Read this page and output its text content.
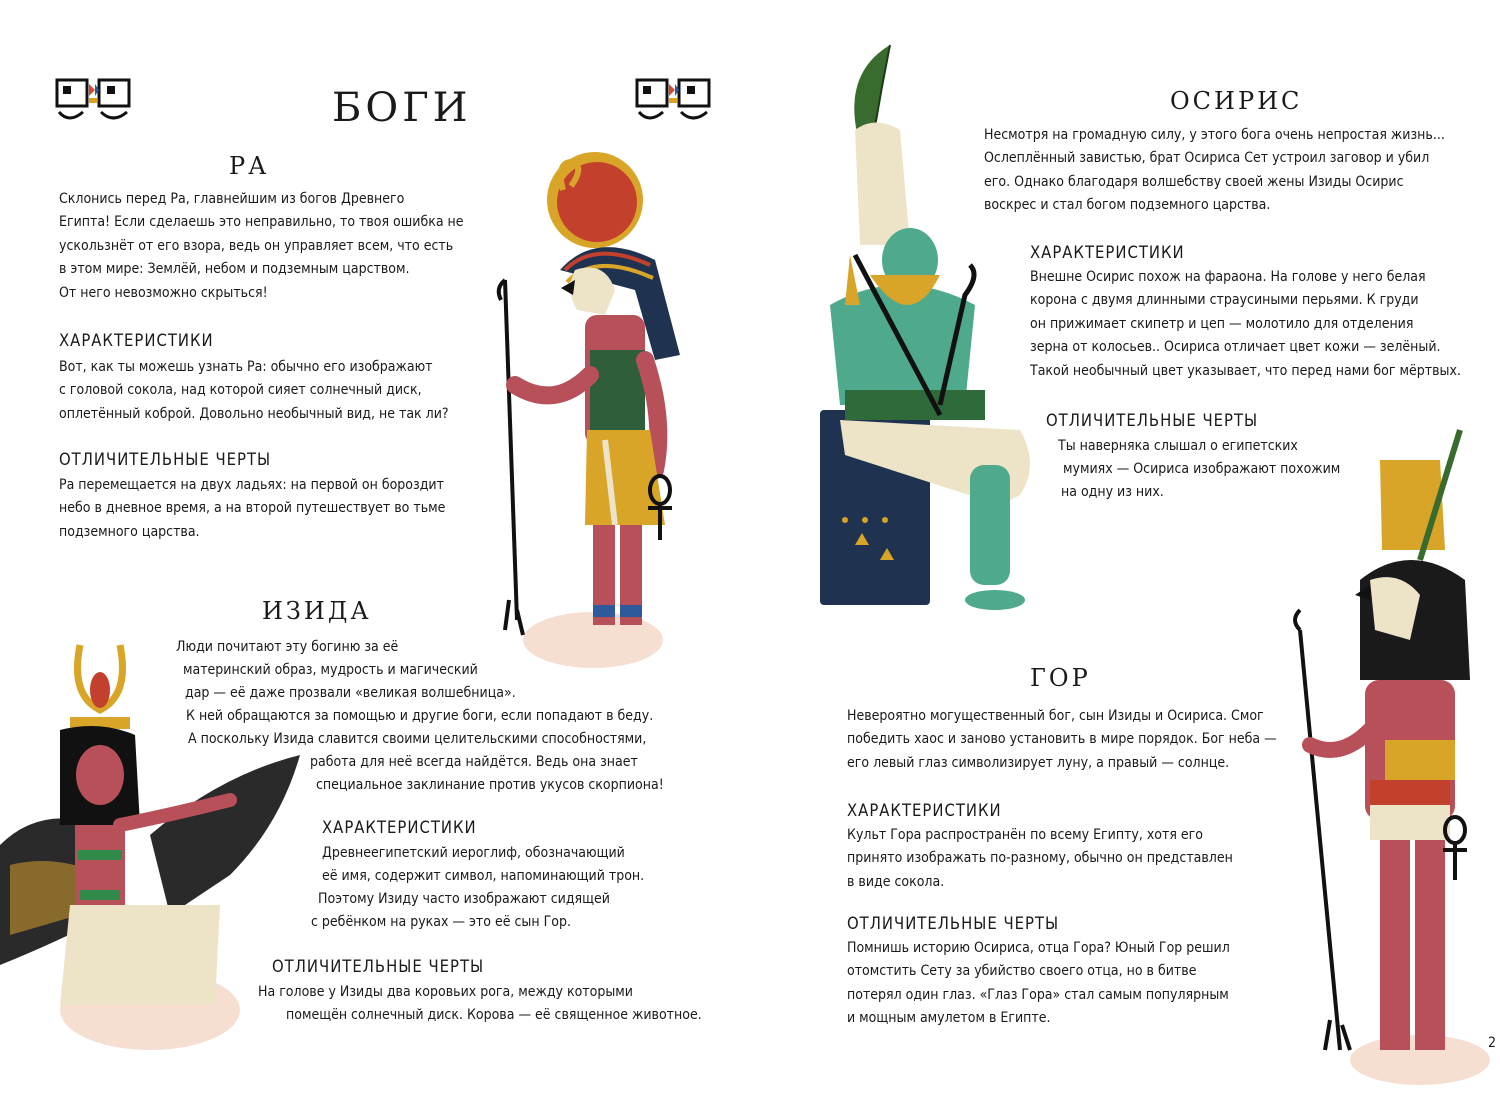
БОГИ
РА
Склонись перед Ра, главнейшим из богов Древнего
Египта! Если сделаешь это неправильно, то твоя ошибка не
ускользнёт от его взора, ведь он управляет всем, что есть
в этом мире: Землёй, небом и подземным царством.
От него невозможно скрыться!
ХАРАКТЕРИСТИКИ
Вот, как ты можешь узнать Ра: обычно его изображают
с головой сокола, над которой сияет солнечный диск,
оплетённый коброй. Довольно необычный вид, не так ли?
ОТЛИЧИТЕЛЬНЫЕ ЧЕРТЫ
Ра перемещается на двух ладьях: на первой он бороздит
небо в дневное время, а на второй путешествует во тьме
подземного царства.
ИЗИДА
Люди почитают эту богиню за её
материнский образ, мудрость и магический
дар — её даже прозвали «великая волшебница».
К ней обращаются за помощью и другие боги, если попадают в беду.
А поскольку Изида славится своими целительскими способностями,
работа для неё всегда найдётся. Ведь она знает
специальное заклинание против укусов скорпиона!
ХАРАКТЕРИСТИКИ
Древнеегипетский иероглиф, обозначающий
её имя, содержит символ, напоминающий трон.
Поэтому Изиду часто изображают сидящей
с ребёнком на руках — это её сын Гор.
ОТЛИЧИТЕЛЬНЫЕ ЧЕРТЫ
На голове у Изиды два коровьих рога, между которыми
помещён солнечный диск. Корова — её священное животное.
ОСИРИС
Несмотря на громадную силу, у этого бога очень непростая жизнь...
Ослеплённый завистью, брат Осириса Сет устроил заговор и убил
его. Однако благодаря волшебству своей жены Изиды Осирис
воскрес и стал богом подземного царства.
ХАРАКТЕРИСТИКИ
Внешне Осирис похож на фараона. На голове у него белая
корона с двумя длинными страусиными перьями. К груди
он прижимает скипетр и цеп — молотило для отделения
зерна от колосьев.. Осириса отличает цвет кожи — зелёный.
Такой необычный цвет указывает, что перед нами бог мёртвых.
ОТЛИЧИТЕЛЬНЫЕ ЧЕРТЫ
Ты наверняка слышал о египетских
мумиях — Осириса изображают похожим
на одну из них.
ГОР
Невероятно могущественный бог, сын Изиды и Осириса. Смог
победить хаос и заново установить в мире порядок. Бог неба —
его левый глаз символизирует луну, а правый — солнце.
ХАРАКТЕРИСТИКИ
Культ Гора распространён по всему Египту, хотя его
принято изображать по-разному, обычно он представлен
в виде сокола.
ОТЛИЧИТЕЛЬНЫЕ ЧЕРТЫ
Помнишь историю Осириса, отца Гора? Юный Гор решил
отомстить Сету за убийство своего отца, но в битве
потерял один глаз. «Глаз Гора» стал самым популярным
и мощным амулетом в Египте.
2
